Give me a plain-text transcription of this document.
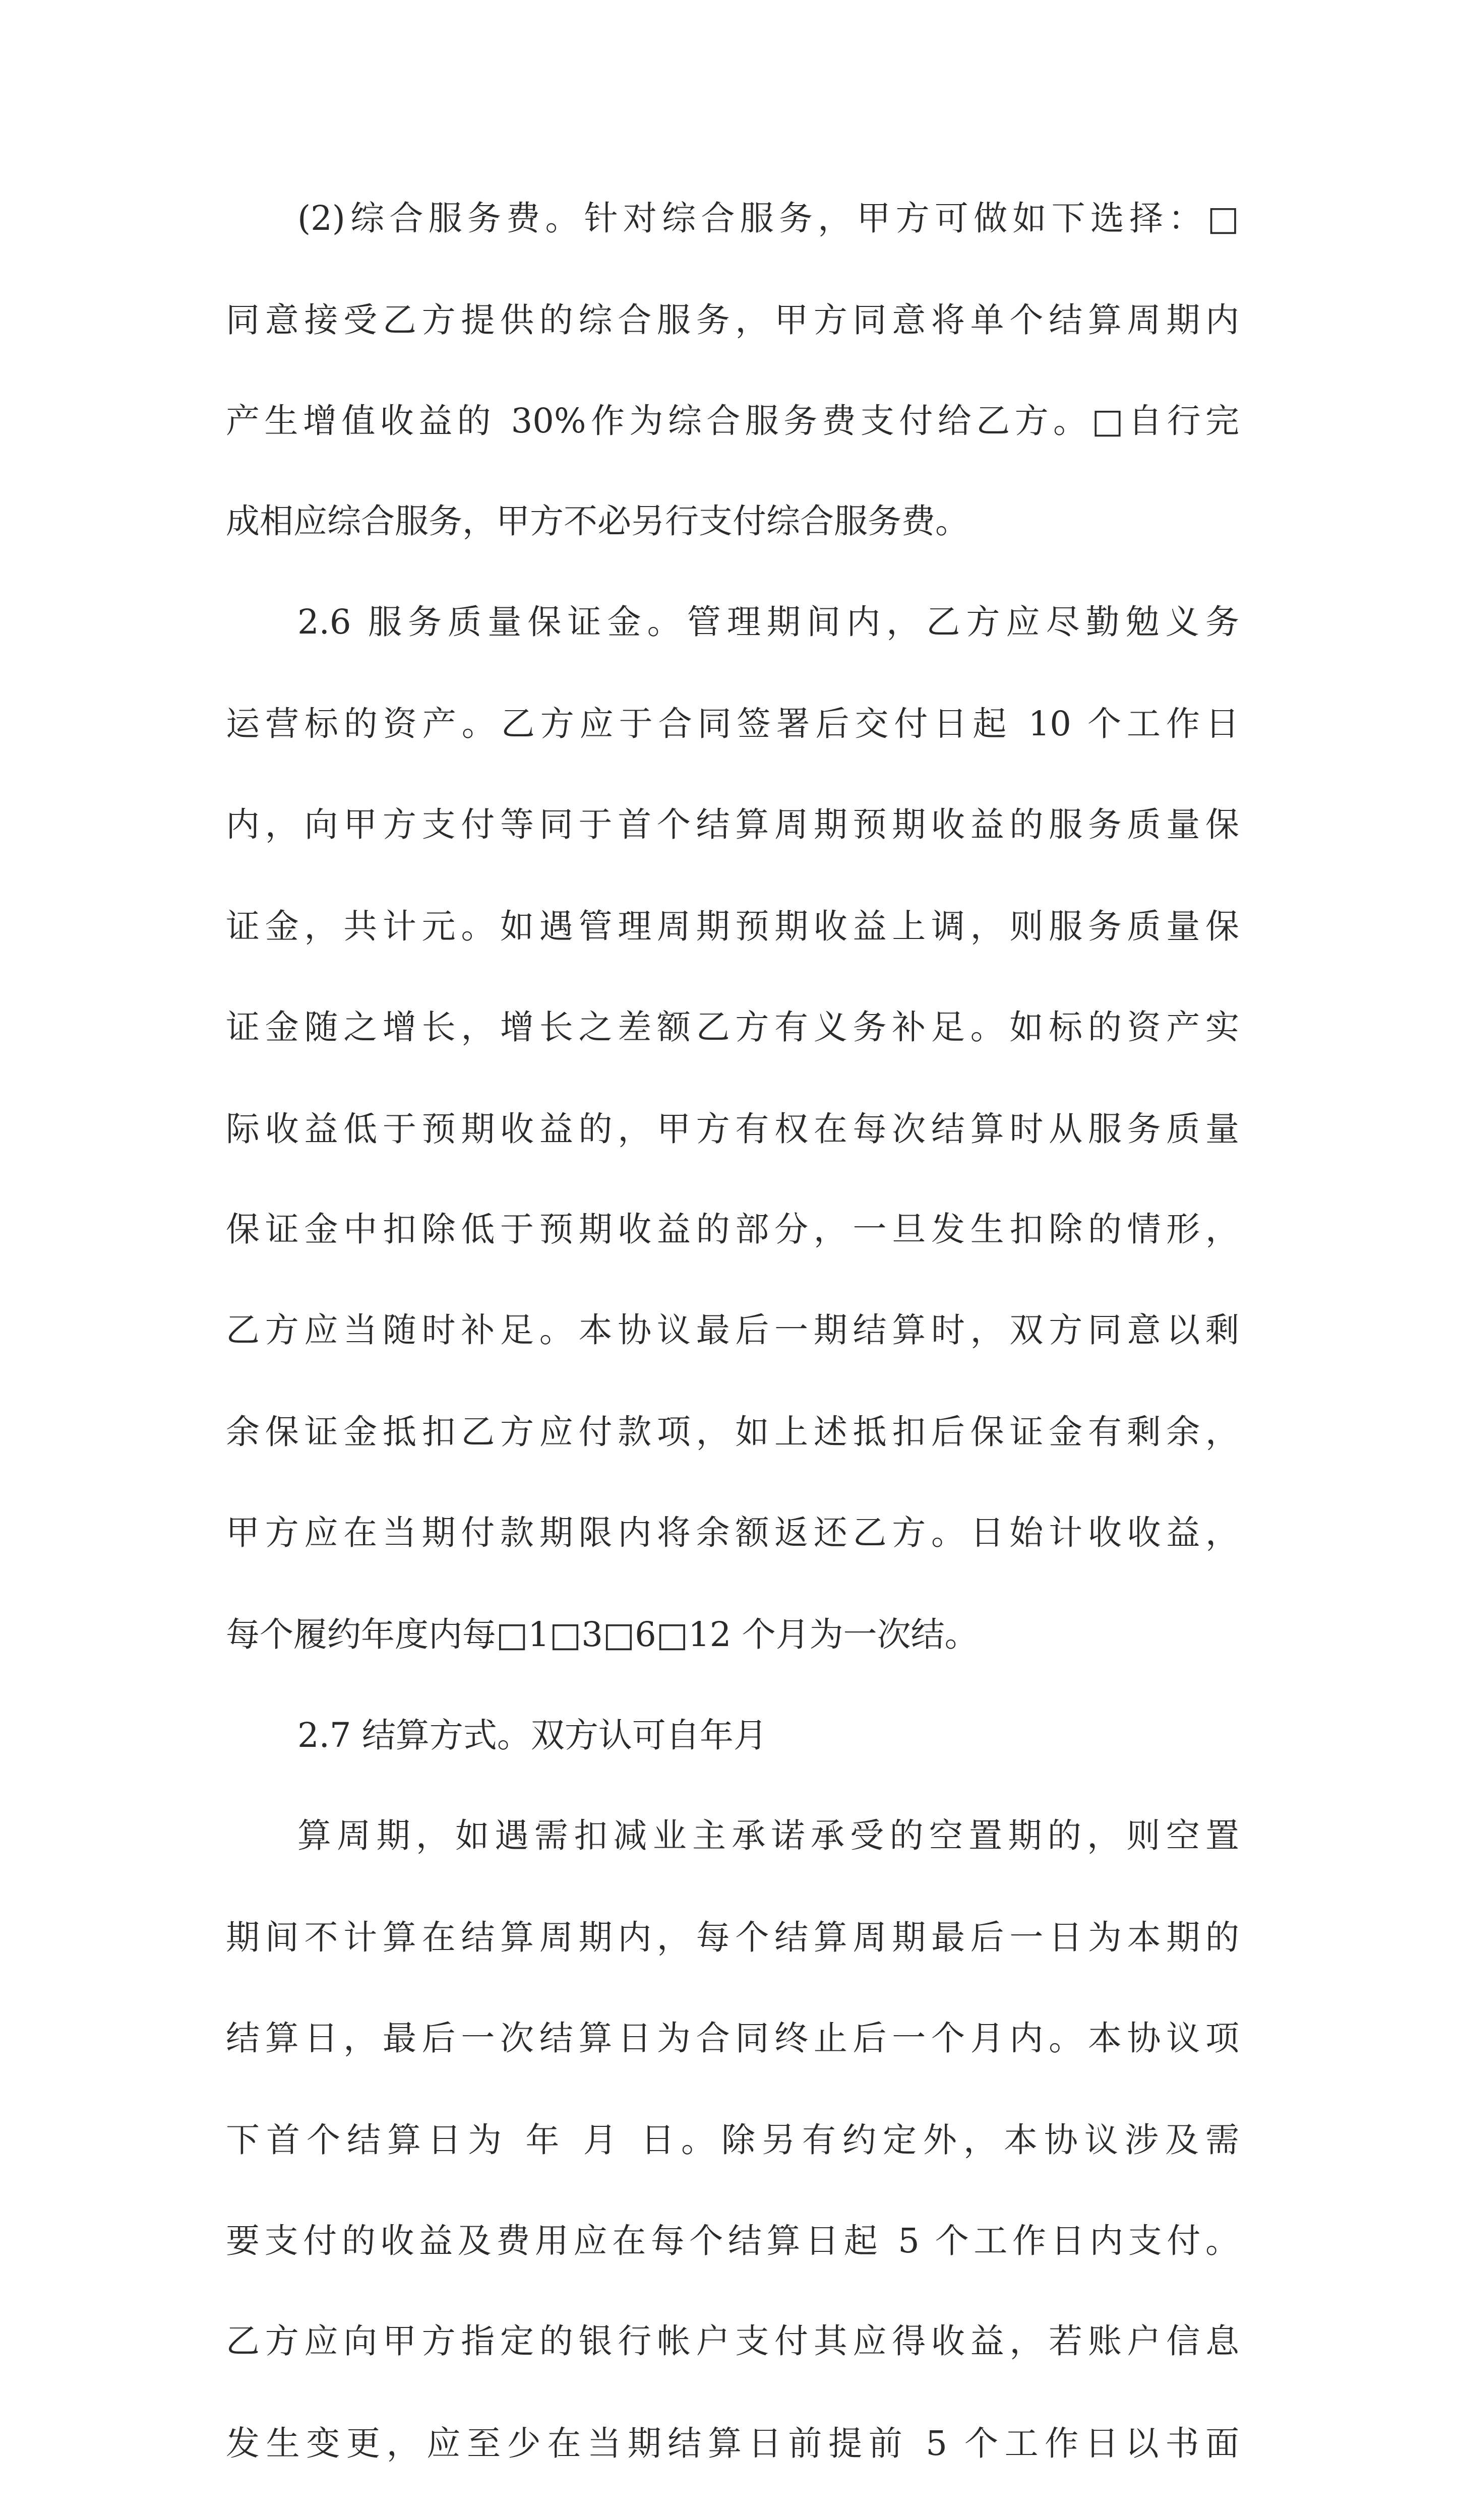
(2)综合服务费。针对综合服务，甲方可做如下选择：□
同意接受乙方提供的综合服务，甲方同意将单个结算周期内
产生增值收益的 30%作为综合服务费支付给乙方。□自行完
成相应综合服务，甲方不必另行支付综合服务费。
2.6 服务质量保证金。管理期间内，乙方应尽勤勉义务
运营标的资产。乙方应于合同签署后交付日起 10 个工作日
内，向甲方支付等同于首个结算周期预期收益的服务质量保
证金，共计元。如遇管理周期预期收益上调，则服务质量保
证金随之增长，增长之差额乙方有义务补足。如标的资产实
际收益低于预期收益的，甲方有权在每次结算时从服务质量
保证金中扣除低于预期收益的部分，一旦发生扣除的情形，
乙方应当随时补足。本协议最后一期结算时，双方同意以剩
余保证金抵扣乙方应付款项，如上述抵扣后保证金有剩余，
甲方应在当期付款期限内将余额返还乙方。日始计收收益，
每个履约年度内每□1□3□6□12 个月为一次结。
2.7 结算方式。双方认可自年月
算周期，如遇需扣减业主承诺承受的空置期的，则空置
期间不计算在结算周期内，每个结算周期最后一日为本期的
结算日，最后一次结算日为合同终止后一个月内。本协议项
下首个结算日为 年 月 日。除另有约定外，本协议涉及需
要支付的收益及费用应在每个结算日起 5 个工作日内支付。
乙方应向甲方指定的银行帐户支付其应得收益，若账户信息
发生变更，应至少在当期结算日前提前 5 个工作日以书面
